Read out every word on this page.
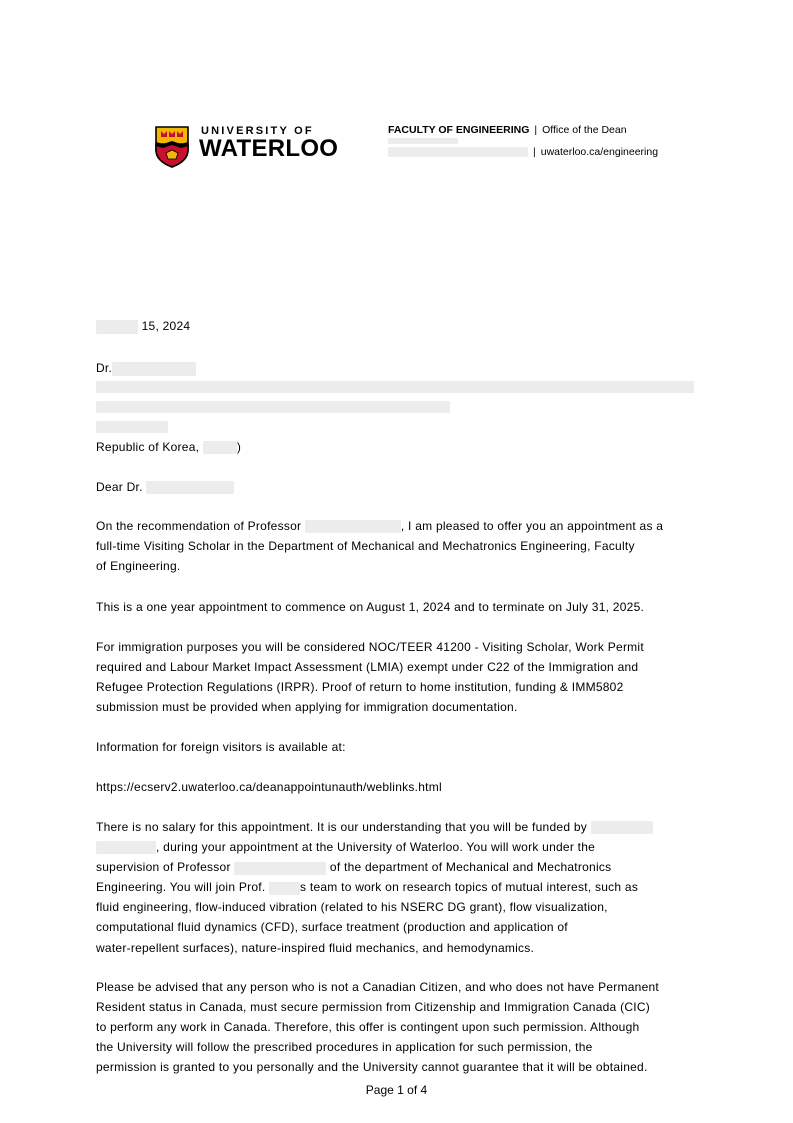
UNIVERSITY OF
WATERLOO
FACULTY OF ENGINEERING | Office of the Dean
| uwaterloo.ca/engineering
15, 2024
Dr.
Republic of Korea,	)
Dear Dr.
On the recommendation of Professor	, I am pleased to offer you an appointment as a
full-time Visiting Scholar in the Department of Mechanical and Mechatronics Engineering, Faculty
of Engineering.
This is a one year appointment to commence on August 1, 2024 and to terminate on July 31, 2025.
For immigration purposes you will be considered NOC/TEER 41200 - Visiting Scholar, Work Permit
required and Labour Market Impact Assessment (LMIA) exempt under C22 of the Immigration and
Refugee Protection Regulations (IRPR). Proof of return to home institution, funding & IMM5802
submission must be provided when applying for immigration documentation.
Information for foreign visitors is available at:
https://ecserv2.uwaterloo.ca/deanappointunauth/weblinks.html
There is no salary for this appointment. It is our understanding that you will be funded by
, during your appointment at the University of Waterloo. You will work under the
supervision of Professor	of the department of Mechanical and Mechatronics
Engineering. You will join Prof.	s team to work on research topics of mutual interest, such as
fluid engineering, flow-induced vibration (related to his NSERC DG grant), flow visualization,
computational fluid dynamics (CFD), surface treatment (production and application of
water-repellent surfaces), nature-inspired fluid mechanics, and hemodynamics.
Please be advised that any person who is not a Canadian Citizen, and who does not have Permanent
Resident status in Canada, must secure permission from Citizenship and Immigration Canada (CIC)
to perform any work in Canada. Therefore, this offer is contingent upon such permission. Although
the University will follow the prescribed procedures in application for such permission, the
permission is granted to you personally and the University cannot guarantee that it will be obtained.
Page 1 of 4
